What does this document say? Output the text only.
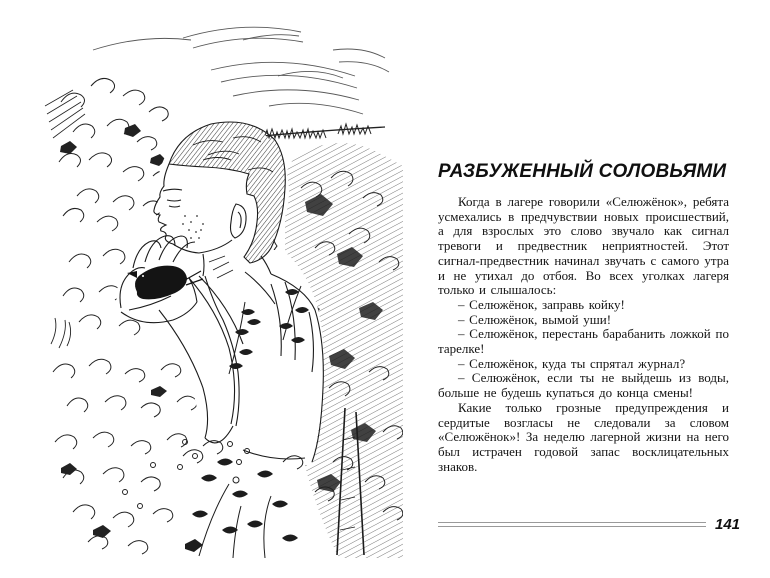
РАЗБУЖЕННЫЙ СОЛОВЬЯМИ

Когда в лагере говорили «Селюжёнок», ребята усмехались в предчувствии новых происшествий, а для взрослых это слово звучало как сигнал тревоги и предвестник неприятностей. Этот сигнал-предвестник начинал звучать с самого утра и не утихал до отбоя. Во всех уголках лагеря только и слышалось:

– Селюжёнок, заправь койку!

– Селюжёнок, вымой уши!

– Селюжёнок, перестань барабанить ложкой по тарелке!

– Селюжёнок, куда ты спрятал журнал?

– Селюжёнок, если ты не выйдешь из воды, больше не будешь купаться до конца смены!

Какие только грозные предупреждения и сердитые возгласы не следовали за словом «Селюжёнок»! За неделю лагерной жизни на него был истрачен годовой запас восклицательных знаков.

141
